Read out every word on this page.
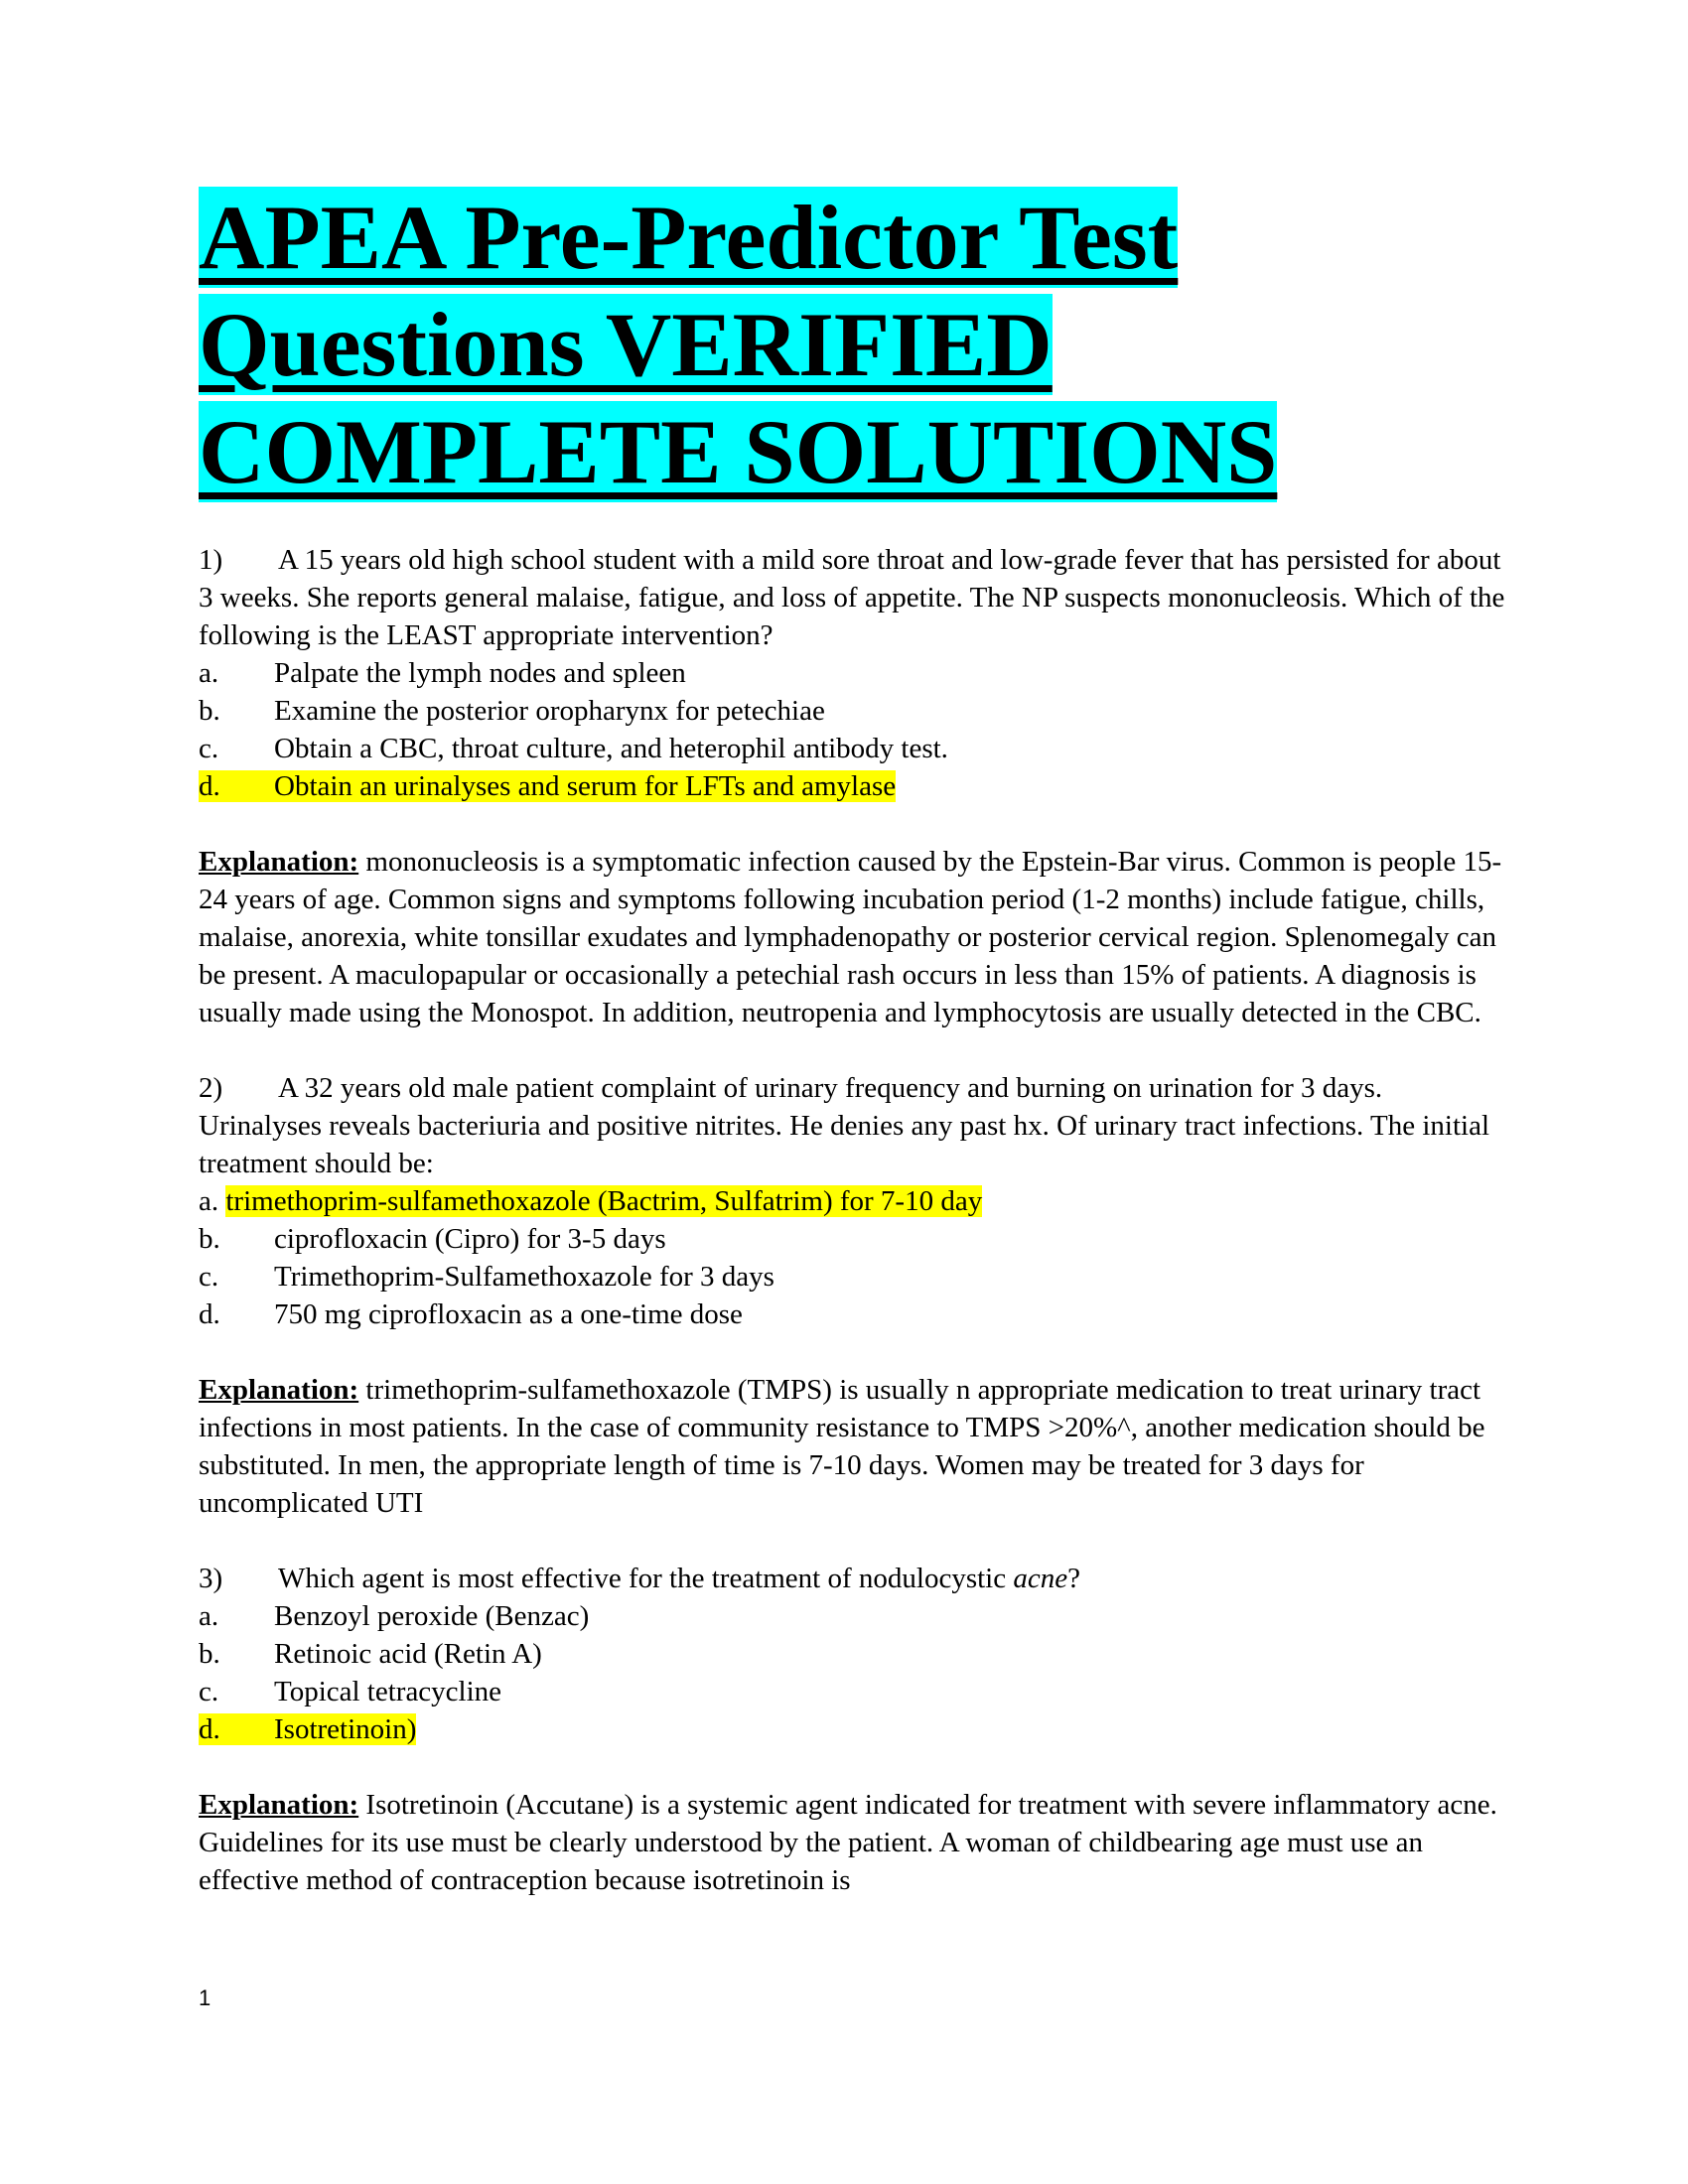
APEA Pre-Predictor Test
Questions VERIFIED
COMPLETE SOLUTIONS

1) A 15 years old high school student with a mild sore throat and low-grade fever that has persisted for about 3 weeks. She reports general malaise, fatigue, and loss of appetite. The NP suspects mononucleosis. Which of the following is the LEAST appropriate intervention?

a. Palpate the lymph nodes and spleen
b. Examine the posterior oropharynx for petechiae
c. Obtain a CBC, throat culture, and heterophil antibody test.
d. Obtain an urinalyses and serum for LFTs and amylase

Explanation: mononucleosis is a symptomatic infection caused by the Epstein-Bar virus. Common is people 15-24 years of age. Common signs and symptoms following incubation period (1-2 months) include fatigue, chills, malaise, anorexia, white tonsillar exudates and lymphadenopathy or posterior cervical region. Splenomegaly can be present. A maculopapular or occasionally a petechial rash occurs in less than 15% of patients. A diagnosis is usually made using the Monospot. In addition, neutropenia and lymphocytosis are usually detected in the CBC.

2) A 32 years old male patient complaint of urinary frequency and burning on urination for 3 days. Urinalyses reveals bacteriuria and positive nitrites. He denies any past hx. Of urinary tract infections. The initial treatment should be:

a. trimethoprim-sulfamethoxazole (Bactrim, Sulfatrim) for 7-10 day
b. ciprofloxacin (Cipro) for 3-5 days
c. Trimethoprim-Sulfamethoxazole for 3 days
d. 750 mg ciprofloxacin as a one-time dose

Explanation: trimethoprim-sulfamethoxazole (TMPS) is usually n appropriate medication to treat urinary tract infections in most patients. In the case of community resistance to TMPS >20%^, another medication should be substituted. In men, the appropriate length of time is 7-10 days. Women may be treated for 3 days for uncomplicated UTI

3) Which agent is most effective for the treatment of nodulocystic acne?

a. Benzoyl peroxide (Benzac)
b. Retinoic acid (Retin A)
c. Topical tetracycline
d. Isotretinoin)

Explanation: Isotretinoin (Accutane) is a systemic agent indicated for treatment with severe inflammatory acne. Guidelines for its use must be clearly understood by the patient. A woman of childbearing age must use an effective method of contraception because isotretinoin is

1
